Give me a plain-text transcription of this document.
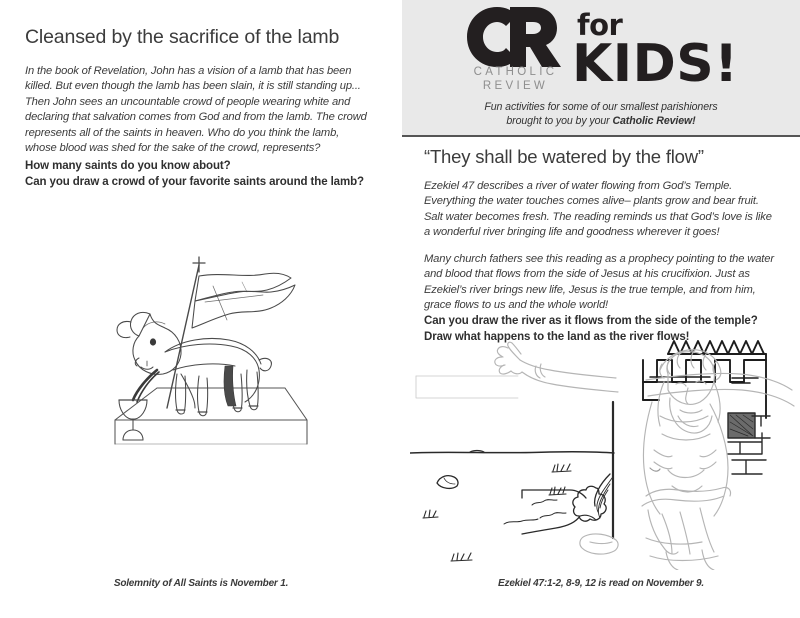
Cleansed by the sacrifice of the lamb
In the book of Revelation, John has a vision of a lamb that has been killed. But even though the lamb has been slain, it is still standing up... Then John sees an uncountable crowd of people wearing white and declaring that salvation comes from God and from the lamb. The crowd represents all of the saints in heaven. Who do you think the lamb, whose blood was shed for the sake of the crowd, represents?
How many saints do you know about?
Can you draw a crowd of your favorite saints around the lamb?
Solemnity of All Saints is November 1.
CATHOLIC
REVIEW
for
KIDS!
Fun activities for some of our smallest parishioners
brought to you by your Catholic Review!
“They shall be watered by the flow”

Ezekiel 47 describes a river of water flowing from God’s Temple. Everything the water touches comes alive– plants grow and bear fruit. Salt water becomes fresh. The reading reminds us that God’s love is like a wonderful river bringing life and goodness wherever it goes!

Many church fathers see this reading as a prophecy pointing to the water and blood that flows from the side of Jesus at his crucifixion. Just as Ezekiel’s river brings new life, Jesus is the true temple, and from him, grace flows to us and the whole world!

Can you draw the river as it flows from the side of the temple?
Draw what happens to the land as the river flows!
Ezekiel 47:1-2, 8-9, 12 is read on November 9.
